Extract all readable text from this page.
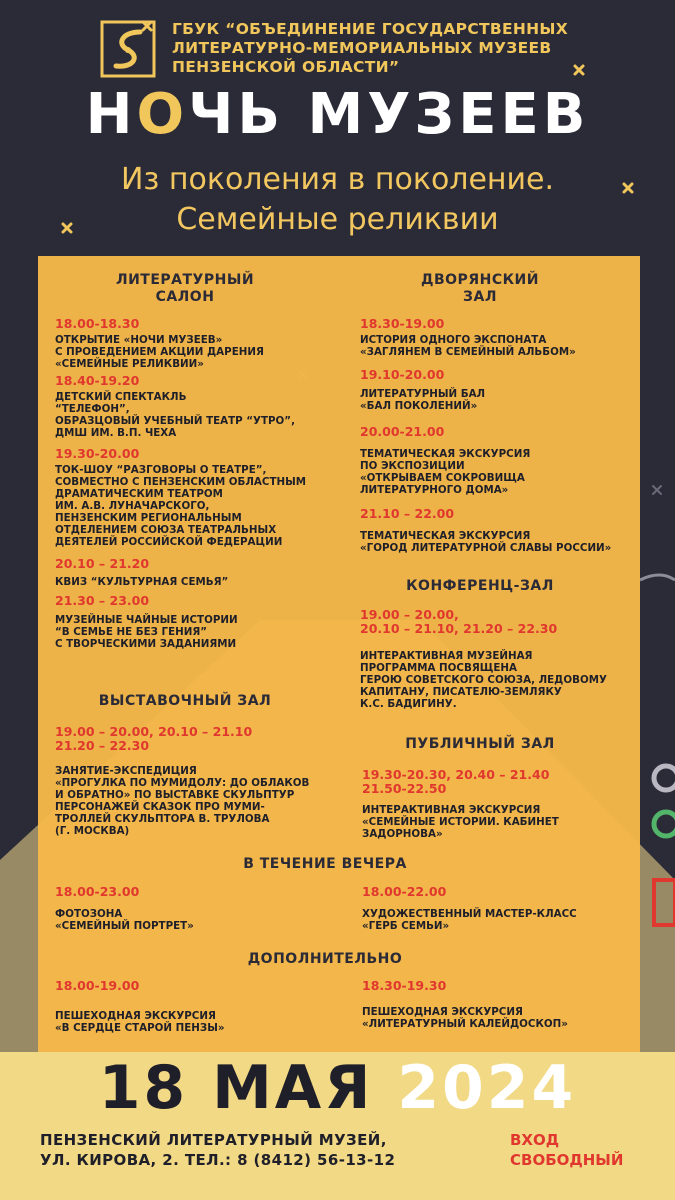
ГБУК “ОБЪЕДИНЕНИЕ ГОСУДАРСТВЕННЫХ ЛИТЕРАТУРНО-МЕМОРИАЛЬНЫХ МУЗЕЕВ ПЕНЗЕНСКОЙ ОБЛАСТИ”
НОЧЬ МУЗЕЕВ
Из поколения в поколение.
Семейные реликвии
ЛИТЕРАТУРНЫЙ
САЛОН
18.00-18.30
ОТКРЫТИЕ «НОЧИ МУЗЕЕВ»
С ПРОВЕДЕНИЕМ АКЦИИ ДАРЕНИЯ
«СЕМЕЙНЫЕ РЕЛИКВИИ»
18.40-19.20
ДЕТСКИЙ СПЕКТАКЛЬ
“ТЕЛЕФОН”,
ОБРАЗЦОВЫЙ УЧЕБНЫЙ ТЕАТР “УТРО”,
ДМШ ИМ. В.П. ЧЕХА
19.30-20.00
ТОК-ШОУ “РАЗГОВОРЫ О ТЕАТРЕ”,
СОВМЕСТНО С ПЕНЗЕНСКИМ ОБЛАСТНЫМ
ДРАМАТИЧЕСКИМ ТЕАТРОМ
ИМ. А.В. ЛУНАЧАРСКОГО,
ПЕНЗЕНСКИМ РЕГИОНАЛЬНЫМ
ОТДЕЛЕНИЕМ СОЮЗА ТЕАТРАЛЬНЫХ
ДЕЯТЕЛЕЙ РОССИЙСКОЙ ФЕДЕРАЦИИ
20.10 – 21.20
КВИЗ “КУЛЬТУРНАЯ СЕМЬЯ”
21.30 – 23.00
МУЗЕЙНЫЕ ЧАЙНЫЕ ИСТОРИИ
“В СЕМЬЕ НЕ БЕЗ ГЕНИЯ”
С ТВОРЧЕСКИМИ ЗАДАНИЯМИ
ВЫСТАВОЧНЫЙ ЗАЛ
19.00 – 20.00, 20.10 – 21.10
21.20 – 22.30
ЗАНЯТИЕ-ЭКСПЕДИЦИЯ
«ПРОГУЛКА ПО МУМИДОЛУ: ДО ОБЛАКОВ
И ОБРАТНО» ПО ВЫСТАВКЕ СКУЛЬПТУР
ПЕРСОНАЖЕЙ СКАЗОК ПРО МУМИ-
ТРОЛЛЕЙ СКУЛЬПТОРА В. ТРУЛОВА
(Г. МОСКВА)
ДВОРЯНСКИЙ
ЗАЛ
18.30-19.00
ИСТОРИЯ ОДНОГО ЭКСПОНАТА
«ЗАГЛЯНЕМ В СЕМЕЙНЫЙ АЛЬБОМ»
19.10-20.00
ЛИТЕРАТУРНЫЙ БАЛ
«БАЛ ПОКОЛЕНИЙ»
20.00-21.00
ТЕМАТИЧЕСКАЯ ЭКСКУРСИЯ
ПО ЭКСПОЗИЦИИ
«ОТКРЫВАЕМ СОКРОВИЩА
ЛИТЕРАТУРНОГО ДОМА»
21.10 – 22.00
ТЕМАТИЧЕСКАЯ ЭКСКУРСИЯ
«ГОРОД ЛИТЕРАТУРНОЙ СЛАВЫ РОССИИ»
КОНФЕРЕНЦ-ЗАЛ
19.00 – 20.00,
20.10 – 21.10, 21.20 – 22.30
ИНТЕРАКТИВНАЯ МУЗЕЙНАЯ
ПРОГРАММА ПОСВЯЩЕНА
ГЕРОЮ СОВЕТСКОГО СОЮЗА, ЛЕДОВОМУ
КАПИТАНУ, ПИСАТЕЛЮ-ЗЕМЛЯКУ
К.С. БАДИГИНУ.
ПУБЛИЧНЫЙ ЗАЛ
19.30-20.30, 20.40 – 21.40
21.50-22.50
ИНТЕРАКТИВНАЯ ЭКСКУРСИЯ
«СЕМЕЙНЫЕ ИСТОРИИ. КАБИНЕТ
ЗАДОРНОВА»
В ТЕЧЕНИЕ ВЕЧЕРА
18.00-23.00
ФОТОЗОНА
«СЕМЕЙНЫЙ ПОРТРЕТ»
18.00-22.00
ХУДОЖЕСТВЕННЫЙ МАСТЕР-КЛАСС
«ГЕРБ СЕМЬИ»
ДОПОЛНИТЕЛЬНО
18.00-19.00
ПЕШЕХОДНАЯ ЭКСКУРСИЯ
«В СЕРДЦЕ СТАРОЙ ПЕНЗЫ»
18.30-19.30
ПЕШЕХОДНАЯ ЭКСКУРСИЯ
«ЛИТЕРАТУРНЫЙ КАЛЕЙДОСКОП»
18 МАЯ 2024
ПЕНЗЕНСКИЙ ЛИТЕРАТУРНЫЙ МУЗЕЙ,
УЛ. КИРОВА, 2. ТЕЛ.: 8 (8412) 56-13-12
ВХОД
СВОБОДНЫЙ
